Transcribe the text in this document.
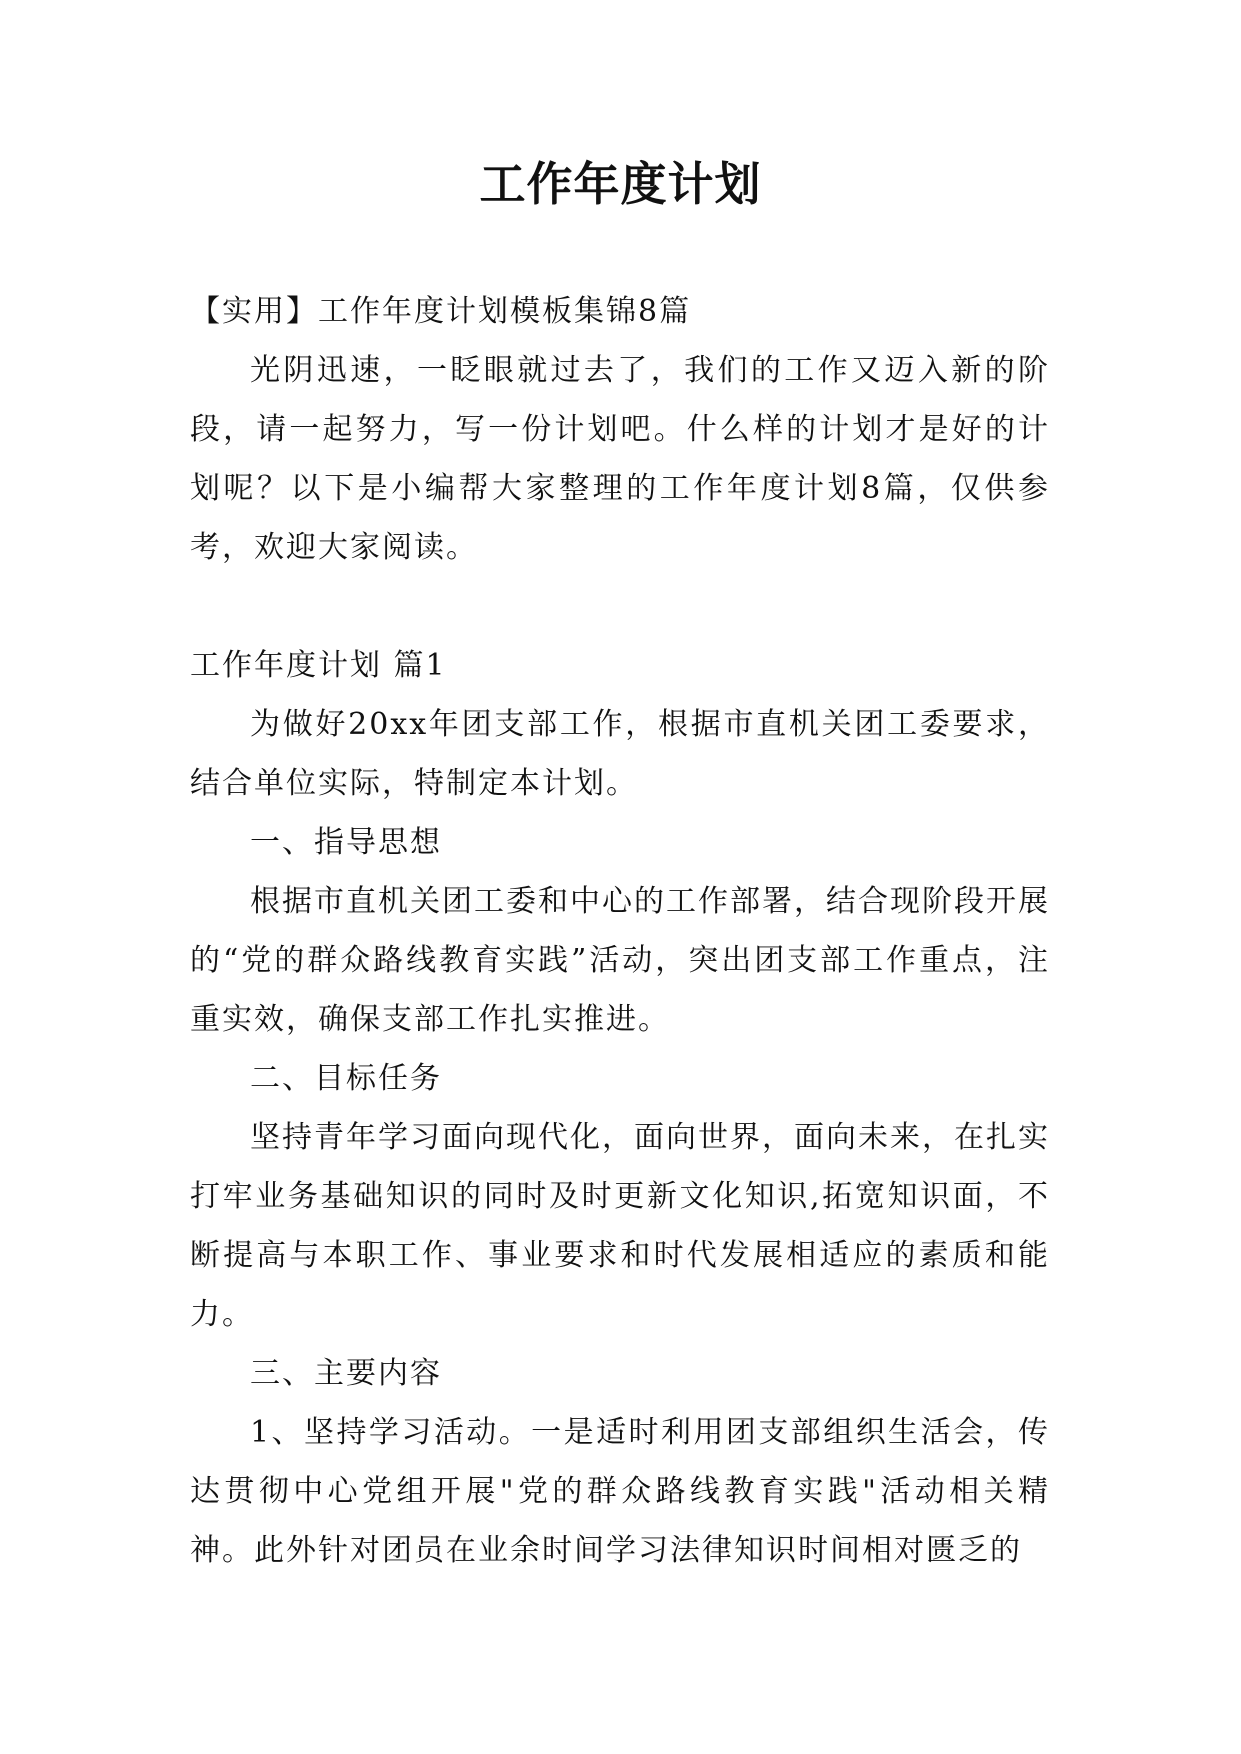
工作年度计划

【实用】工作年度计划模板集锦8篇

光阴迅速，一眨眼就过去了，我们的工作又迈入新的阶段，请一起努力，写一份计划吧。什么样的计划才是好的计划呢？以下是小编帮大家整理的工作年度计划8篇，仅供参考，欢迎大家阅读。

工作年度计划 篇1

为做好20xx年团支部工作，根据市直机关团工委要求，结合单位实际，特制定本计划。

一、指导思想

根据市直机关团工委和中心的工作部署，结合现阶段开展的“党的群众路线教育实践”活动，突出团支部工作重点，注重实效，确保支部工作扎实推进。

二、目标任务

坚持青年学习面向现代化，面向世界，面向未来，在扎实打牢业务基础知识的同时及时更新文化知识,拓宽知识面，不断提高与本职工作、事业要求和时代发展相适应的素质和能力。

三、主要内容

1、坚持学习活动。一是适时利用团支部组织生活会，传达贯彻中心党组开展"党的群众路线教育实践"活动相关精神。此外针对团员在业余时间学习法律知识时间相对匮乏的
